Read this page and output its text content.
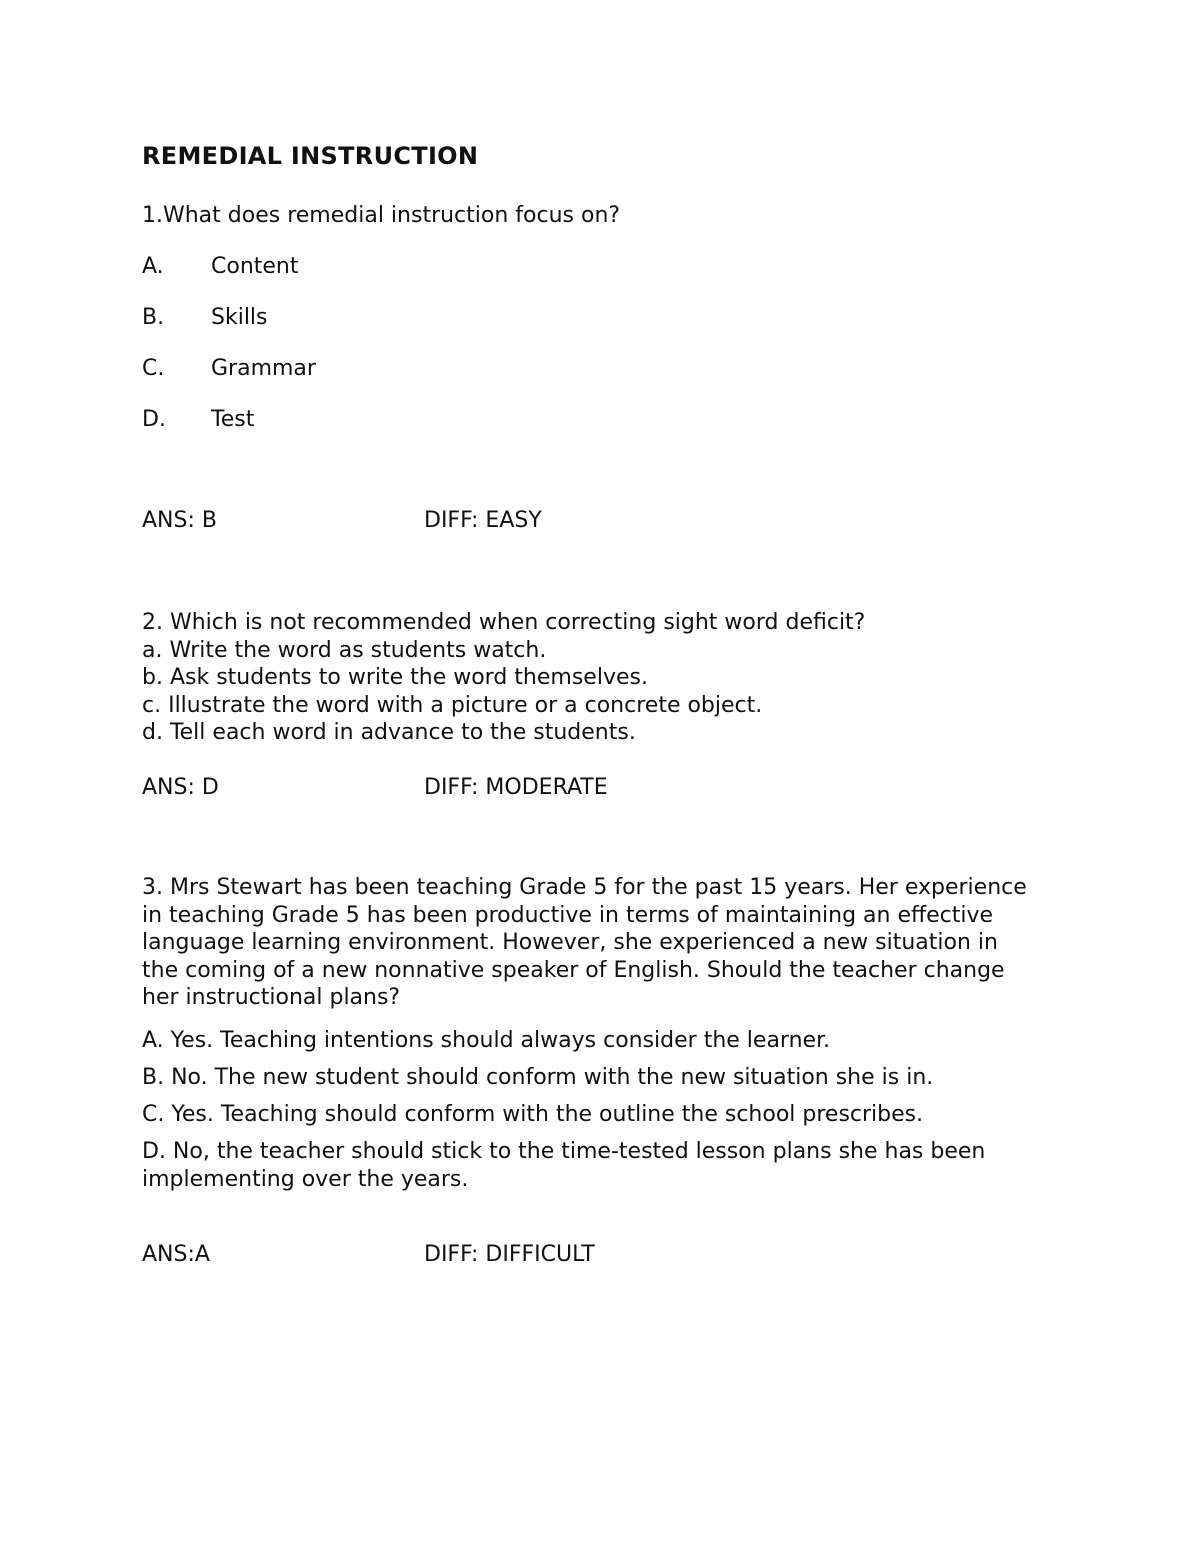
REMEDIAL INSTRUCTION
1.What does remedial instruction focus on?
A. Content
B. Skills
C. Grammar
D. Test
ANS: B	DIFF: EASY
2. Which is not recommended when correcting sight word deficit?
a. Write the word as students watch.
b. Ask students to write the word themselves.
c. Illustrate the word with a picture or a concrete object.
d. Tell each word in advance to the students.
ANS: D	DIFF: MODERATE
3. Mrs Stewart has been teaching Grade 5 for the past 15 years. Her experience
in teaching Grade 5 has been productive in terms of maintaining an effective
language learning environment. However, she experienced a new situation in
the coming of a new nonnative speaker of English. Should the teacher change
her instructional plans?
A. Yes. Teaching intentions should always consider the learner.
B. No. The new student should conform with the new situation she is in.
C. Yes. Teaching should conform with the outline the school prescribes.
D. No, the teacher should stick to the time-tested lesson plans she has been
implementing over the years.
ANS:A	DIFF: DIFFICULT
